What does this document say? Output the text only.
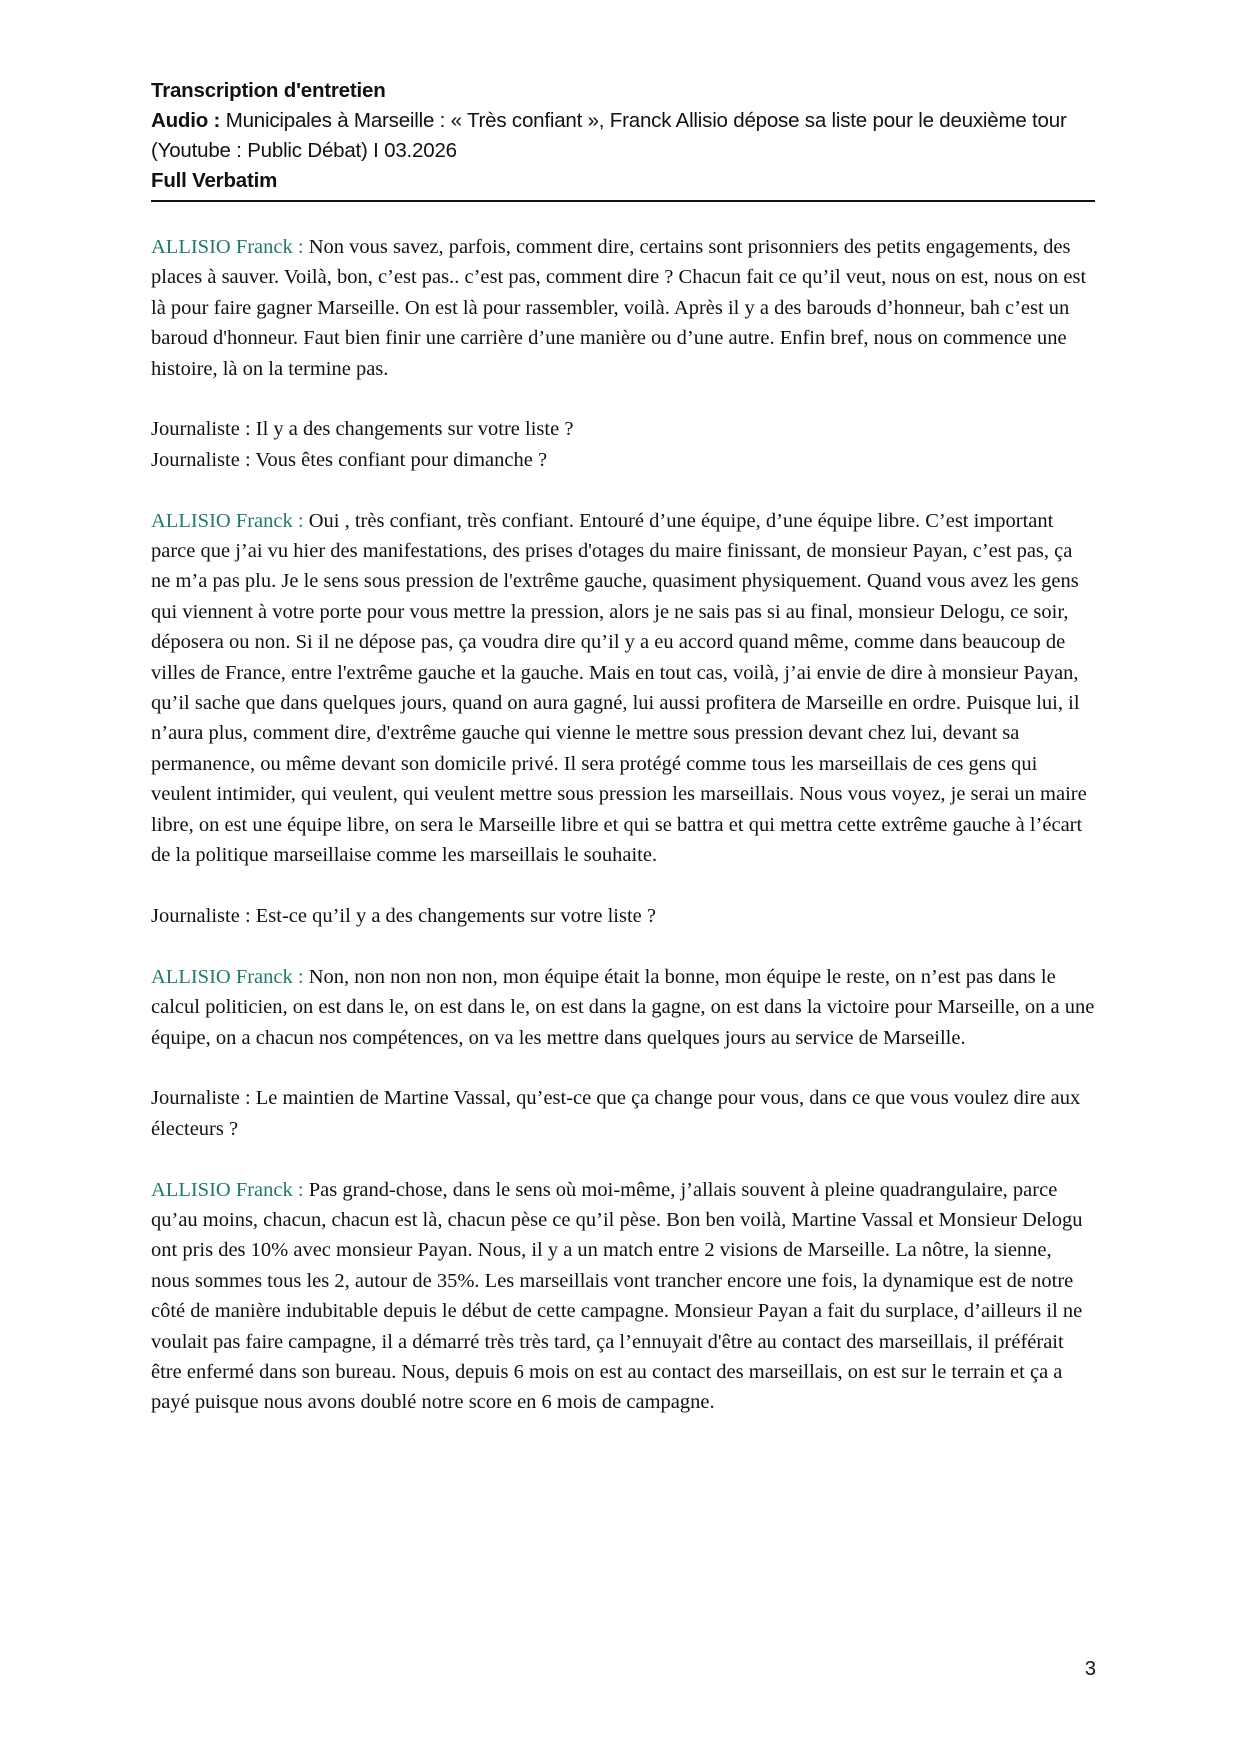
Transcription d'entretien
Audio : Municipales à Marseille : « Très confiant », Franck Allisio dépose sa liste pour le deuxième tour (Youtube : Public Débat) I 03.2026
Full Verbatim

ALLISIO Franck : Non vous savez, parfois, comment dire, certains sont prisonniers des petits engagements, des places à sauver. Voilà, bon, c’est pas.. c’est pas, comment dire ? Chacun fait ce qu’il veut, nous on est, nous on est là pour faire gagner Marseille. On est là pour rassembler, voilà. Après il y a des barouds d’honneur, bah c’est un baroud d'honneur. Faut bien finir une carrière d’une manière ou d’une autre. Enfin bref, nous on commence une histoire, là on la termine pas.

Journaliste : Il y a des changements sur votre liste ?

Journaliste : Vous êtes confiant pour dimanche ?

ALLISIO Franck : Oui , très confiant, très confiant. Entouré d’une équipe, d’une équipe libre. C’est important parce que j’ai vu hier des manifestations, des prises d'otages du maire finissant, de monsieur Payan, c’est pas, ça ne m’a pas plu. Je le sens sous pression de l'extrême gauche, quasiment physiquement. Quand vous avez les gens qui viennent à votre porte pour vous mettre la pression, alors je ne sais pas si au final, monsieur Delogu, ce soir, déposera ou non. Si il ne dépose pas, ça voudra dire qu’il y a eu accord quand même, comme dans beaucoup de villes de France, entre l'extrême gauche et la gauche. Mais en tout cas, voilà, j’ai envie de dire à monsieur Payan, qu’il sache que dans quelques jours, quand on aura gagné, lui aussi profitera de Marseille en ordre. Puisque lui, il n’aura plus, comment dire, d'extrême gauche qui vienne le mettre sous pression devant chez lui, devant sa permanence, ou même devant son domicile privé. Il sera protégé comme tous les marseillais de ces gens qui veulent intimider, qui veulent, qui veulent mettre sous pression les marseillais. Nous vous voyez, je serai un maire libre, on est une équipe libre, on sera le Marseille libre et qui se battra et qui mettra cette extrême gauche à l’écart de la politique marseillaise comme les marseillais le souhaite.

Journaliste : Est-ce qu’il y a des changements sur votre liste ?

ALLISIO Franck : Non, non non non non, mon équipe était la bonne, mon équipe le reste, on n’est pas dans le calcul politicien, on est dans le, on est dans le, on est dans la gagne, on est dans la victoire pour Marseille, on a une équipe, on a chacun nos compétences, on va les mettre dans quelques jours au service de Marseille.

Journaliste : Le maintien de Martine Vassal, qu’est-ce que ça change pour vous, dans ce que vous voulez dire aux électeurs ?

ALLISIO Franck : Pas grand-chose, dans le sens où moi-même, j’allais souvent à pleine quadrangulaire, parce qu’au moins, chacun, chacun est là, chacun pèse ce qu’il pèse. Bon ben voilà, Martine Vassal et Monsieur Delogu ont pris des 10% avec monsieur Payan. Nous, il y a un match entre 2 visions de Marseille. La nôtre, la sienne, nous sommes tous les 2, autour de 35%. Les marseillais vont trancher encore une fois, la dynamique est de notre côté de manière indubitable depuis le début de cette campagne. Monsieur Payan a fait du surplace, d’ailleurs il ne voulait pas faire campagne, il a démarré très très tard, ça l’ennuyait d'être au contact des marseillais, il préférait être enfermé dans son bureau. Nous, depuis 6 mois on est au contact des marseillais, on est sur le terrain et ça a payé puisque nous avons doublé notre score en 6 mois de campagne.

3
